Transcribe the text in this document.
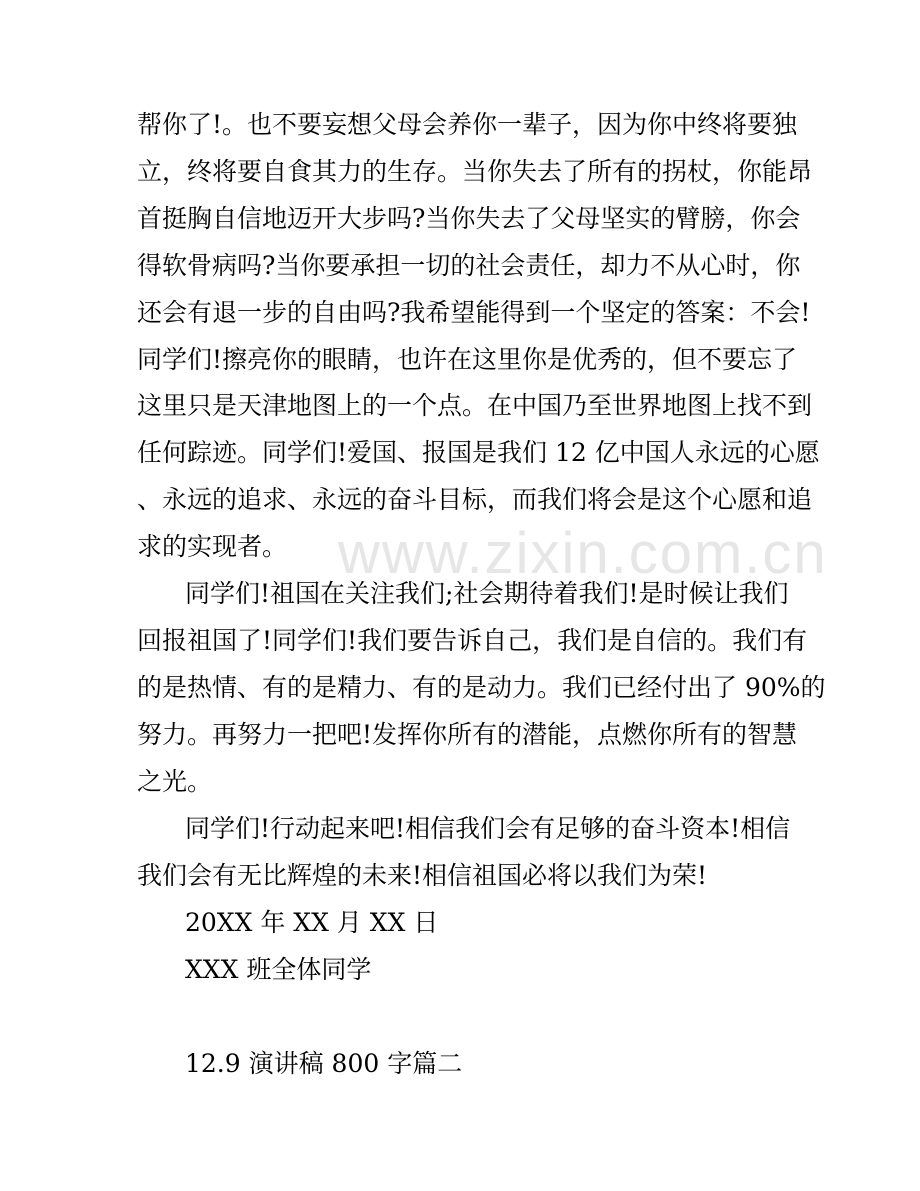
www.zixin.com.cn
帮你了!。也不要妄想父母会养你一辈子，因为你中终将要独
立，终将要自食其力的生存。当你失去了所有的拐杖，你能昂
首挺胸自信地迈开大步吗?当你失去了父母坚实的臂膀，你会
得软骨病吗?当你要承担一切的社会责任，却力不从心时，你
还会有退一步的自由吗?我希望能得到一个坚定的答案：不会!
同学们!擦亮你的眼睛，也许在这里你是优秀的，但不要忘了
这里只是天津地图上的一个点。在中国乃至世界地图上找不到
任何踪迹。同学们!爱国、报国是我们 12 亿中国人永远的心愿
、永远的追求、永远的奋斗目标，而我们将会是这个心愿和追
求的实现者。
同学们!祖国在关注我们;社会期待着我们!是时候让我们
回报祖国了!同学们!我们要告诉自己，我们是自信的。我们有
的是热情、有的是精力、有的是动力。我们已经付出了 90%的
努力。再努力一把吧!发挥你所有的潜能，点燃你所有的智慧
之光。
同学们!行动起来吧!相信我们会有足够的奋斗资本!相信
我们会有无比辉煌的未来!相信祖国必将以我们为荣!
20XX 年 XX 月 XX 日
XXX 班全体同学
12.9 演讲稿 800 字篇二
